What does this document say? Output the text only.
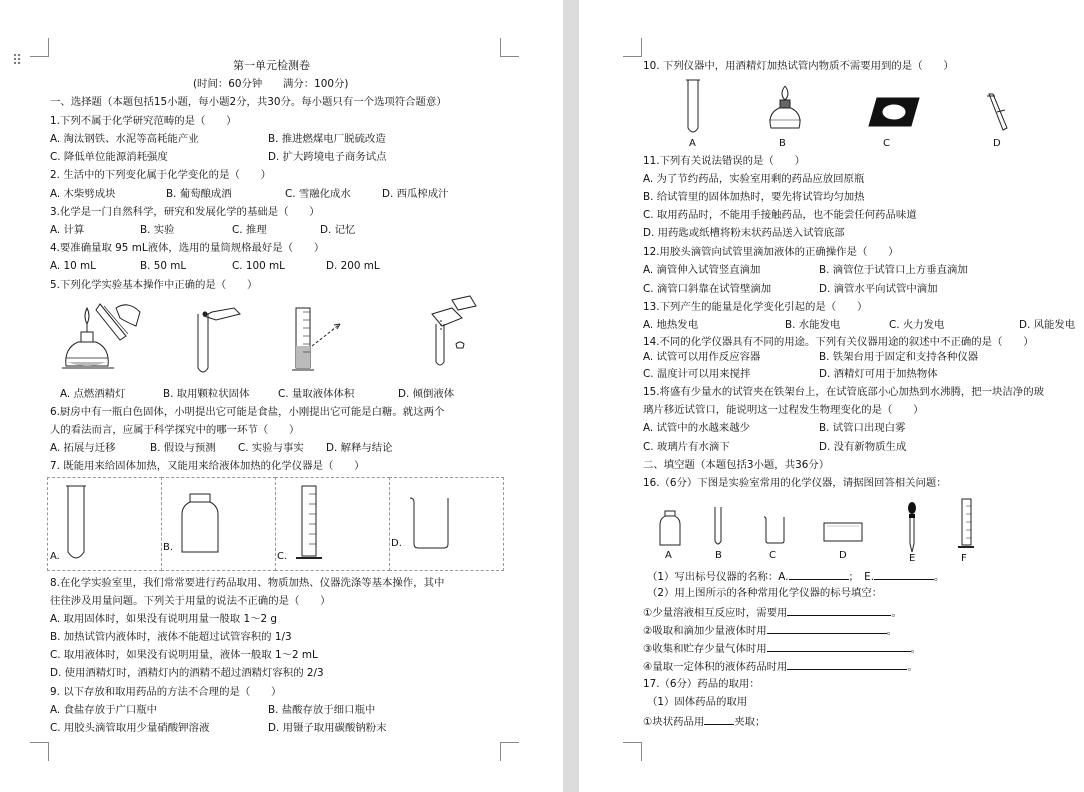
⠿	第一单元检测卷
(时间：60分钟　　满分：100分)
一、选择题（本题包括15小题，每小题2分，共30分。每小题只有一个选项符合题意）
1.下列不属于化学研究范畴的是（　　）
A. 淘汰钢铁、水泥等高耗能产业	B. 推进燃煤电厂脱硫改造
C. 降低单位能源消耗强度	D. 扩大跨境电子商务试点
2. 生活中的下列变化属于化学变化的是（　　）
A. 木柴劈成块	B. 葡萄酿成酒	C. 雪融化成水	D. 西瓜榨成汁
3.化学是一门自然科学，研究和发展化学的基础是（　　）
A. 计算	B. 实验	C. 推理	D. 记忆
4.要准确量取 95 mL液体，选用的量筒规格最好是（　　）
A. 10 mL	B. 50 mL	C. 100 mL	D. 200 mL
5.下列化学实验基本操作中正确的是（　　）
A. 点燃酒精灯	B. 取用颗粒状固体	C. 量取液体体积	D. 倾倒液体
6.厨房中有一瓶白色固体，小明提出它可能是食盐，小刚提出它可能是白糖。就这两个
人的看法而言，应属于科学探究中的哪一环节（　　）
A. 拓展与迁移	B. 假设与预测 C. 实验与事实 D. 解释与结论
7. 既能用来给固体加热，又能用来给液体加热的化学仪器是（　　）
A.
B.
C.
D.
8.在化学实验室里，我们常常要进行药品取用、物质加热、仪器洗涤等基本操作，其中
往往涉及用量问题。下列关于用量的说法不正确的是（　　）
A. 取用固体时，如果没有说明用量一般取 1～2 g
B. 加热试管内液体时，液体不能超过试管容积的 1/3
C. 取用液体时，如果没有说明用量，液体一般取 1～2 mL
D. 使用酒精灯时，酒精灯内的酒精不超过酒精灯容积的 2/3
9. 以下存放和取用药品的方法不合理的是（　　）
A. 食盐存放于广口瓶中	B. 盐酸存放于细口瓶中
C. 用胶头滴管取用少量硝酸钾溶液	D. 用镊子取用碳酸钠粉末
10. 下列仪器中，用酒精灯加热试管内物质不需要用到的是（　　）
A	B	C	D
11.下列有关说法错误的是（　　）
A. 为了节约药品，实验室用剩的药品应放回原瓶
B. 给试管里的固体加热时，要先将试管均匀加热
C. 取用药品时，不能用手接触药品，也不能尝任何药品味道
D. 用药匙或纸槽将粉末状药品送入试管底部
12.用胶头滴管向试管里滴加液体的正确操作是（　　）
A. 滴管伸入试管竖直滴加	B. 滴管位于试管口上方垂直滴加
C. 滴管口斜靠在试管壁滴加	D. 滴管水平向试管中滴加
13.下列产生的能量是化学变化引起的是（　　）
A. 地热发电	B. 水能发电	C. 火力发电	D. 风能发电
14.不同的化学仪器具有不同的用途。下列有关仪器用途的叙述中不正确的是（　　）
A. 试管可以用作反应容器	B. 铁架台用于固定和支持各种仪器
C. 温度计可以用来搅拌	D. 酒精灯可用于加热物体
15.将盛有少量水的试管夹在铁架台上，在试管底部小心加热到水沸腾，把一块洁净的玻
璃片移近试管口，能说明这一过程发生物理变化的是（　　）
A. 试管中的水越来越少	B. 试管口出现白雾
C. 玻璃片有水滴下	D. 没有新物质生成
二、填空题（本题包括3小题，共36分）
16.（6分）下图是实验室常用的化学仪器，请据图回答相关问题：
A	B	C	D	E	F
（1）写出标号仪器的名称：A.	；　 E.	。
（2）用上图所示的各种常用化学仪器的标号填空：
①少量溶液相互反应时，需要用	。
②吸取和滴加少量液体时用	。
③收集和贮存少量气体时用	。
④量取一定体积的液体药品时用	。
17.（6分）药品的取用：
（1）固体药品的取用
①块状药品用	夹取；
